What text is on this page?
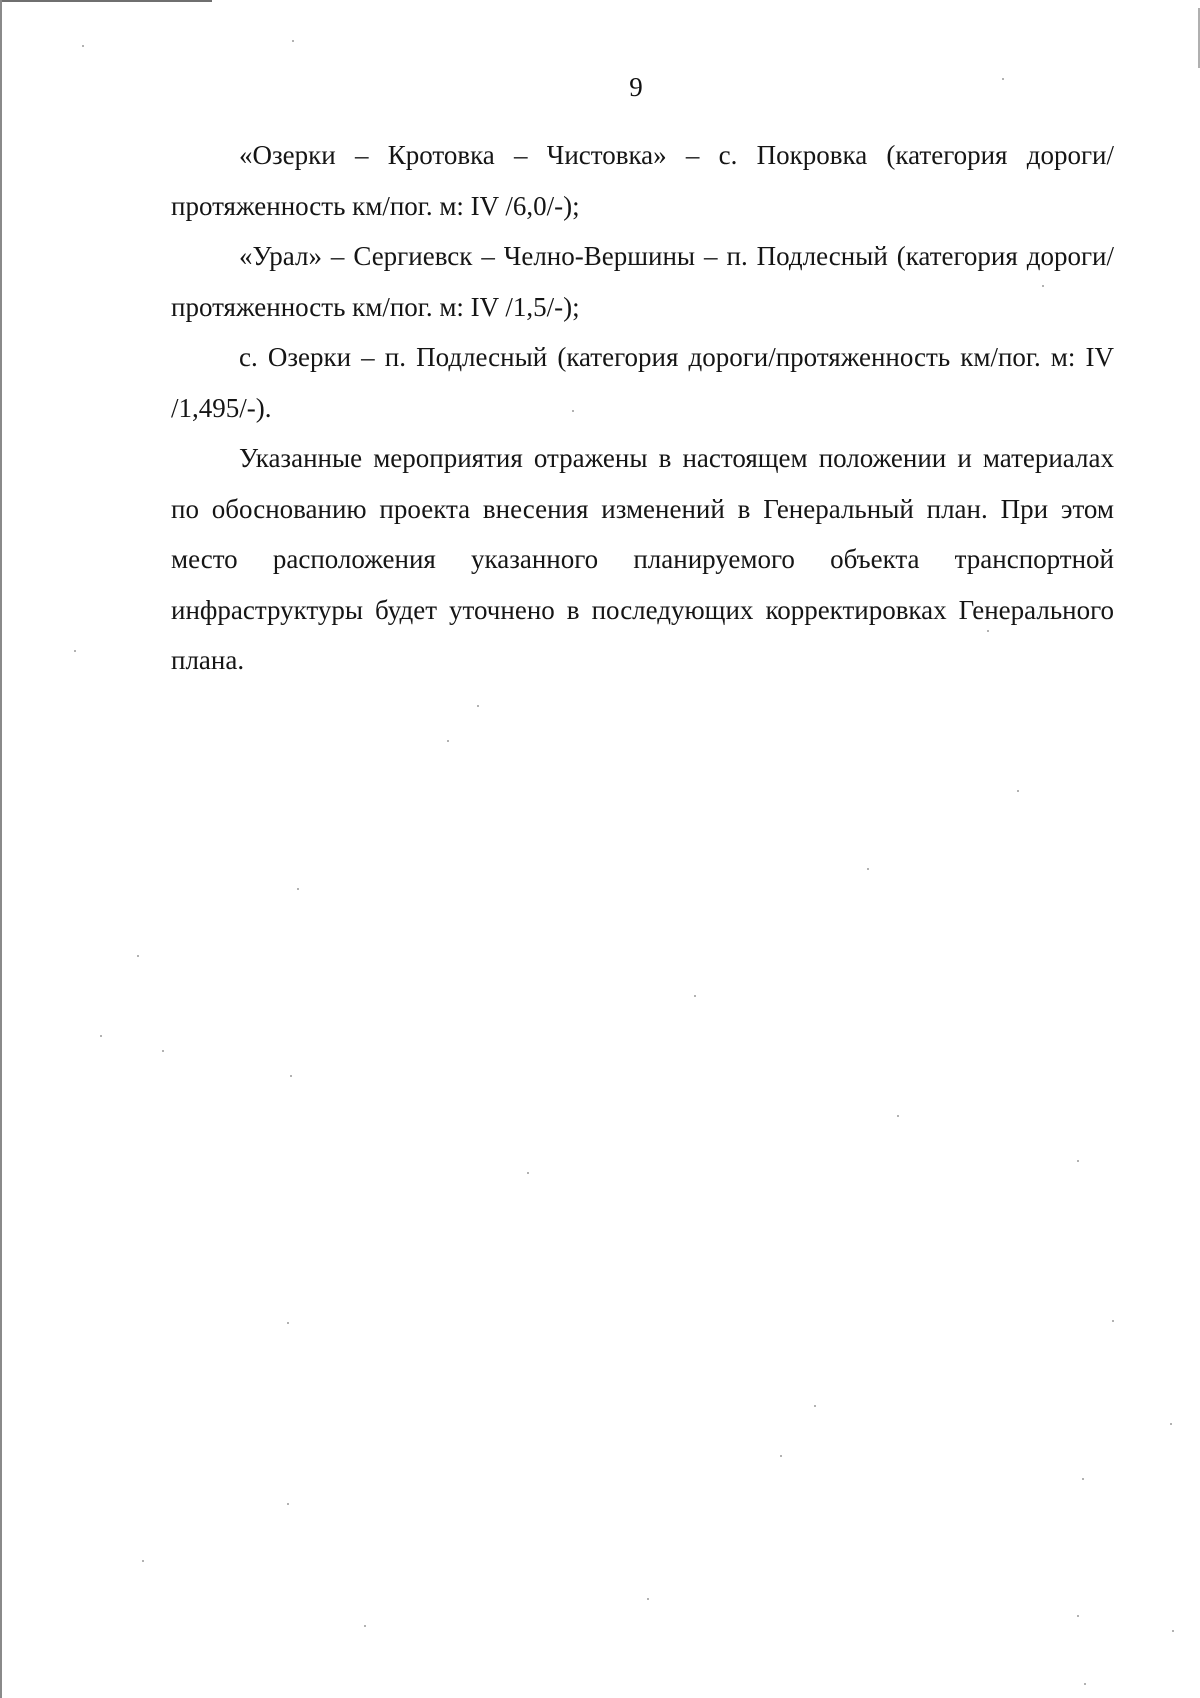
9

«Озерки – Кротовка – Чистовка» – с. Покровка (категория дороги/ протяженность км/пог. м: IV /6,0/-);

«Урал» – Сергиевск – Челно-Вершины – п. Подлесный (категория дороги/ протяженность км/пог. м: IV /1,5/-);

с. Озерки – п. Подлесный (категория дороги/протяженность км/пог. м: IV /1,495/-).

Указанные мероприятия отражены в настоящем положении и материалах по обоснованию проекта внесения изменений в Генеральный план. При этом место расположения указанного планируемого объекта транспортной инфраструктуры будет уточнено в последующих корректировках Генерального плана.
